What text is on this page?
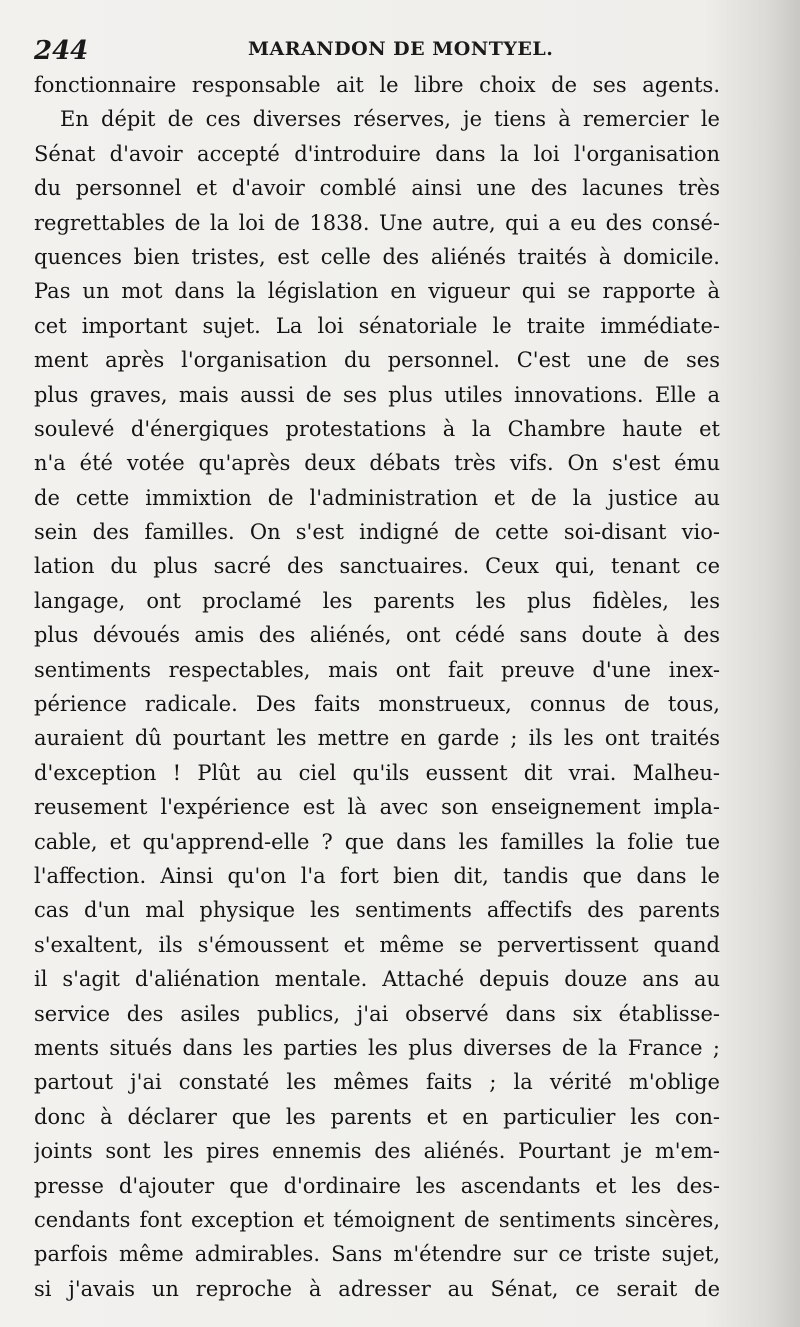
244	MARANDON DE MONTYEL.
fonctionnaire responsable ait le libre choix de ses agents.
En dépit de ces diverses réserves, je tiens à remercier le
Sénat d'avoir accepté d'introduire dans la loi l'organisation
du personnel et d'avoir comblé ainsi une des lacunes très
regrettables de la loi de 1838. Une autre, qui a eu des consé-
quences bien tristes, est celle des aliénés traités à domicile.
Pas un mot dans la législation en vigueur qui se rapporte à
cet important sujet. La loi sénatoriale le traite immédiate-
ment après l'organisation du personnel. C'est une de ses
plus graves, mais aussi de ses plus utiles innovations. Elle a
soulevé d'énergiques protestations à la Chambre haute et
n'a été votée qu'après deux débats très vifs. On s'est ému
de cette immixtion de l'administration et de la justice au
sein des familles. On s'est indigné de cette soi-disant vio-
lation du plus sacré des sanctuaires. Ceux qui, tenant ce
langage, ont proclamé les parents les plus fidèles, les
plus dévoués amis des aliénés, ont cédé sans doute à des
sentiments respectables, mais ont fait preuve d'une inex-
périence radicale. Des faits monstrueux, connus de tous,
auraient dû pourtant les mettre en garde ; ils les ont traités
d'exception ! Plût au ciel qu'ils eussent dit vrai. Malheu-
reusement l'expérience est là avec son enseignement impla-
cable, et qu'apprend-elle ? que dans les familles la folie tue
l'affection. Ainsi qu'on l'a fort bien dit, tandis que dans le
cas d'un mal physique les sentiments affectifs des parents
s'exaltent, ils s'émoussent et même se pervertissent quand
il s'agit d'aliénation mentale. Attaché depuis douze ans au
service des asiles publics, j'ai observé dans six établisse-
ments situés dans les parties les plus diverses de la France ;
partout j'ai constaté les mêmes faits ; la vérité m'oblige
donc à déclarer que les parents et en particulier les con-
joints sont les pires ennemis des aliénés. Pourtant je m'em-
presse d'ajouter que d'ordinaire les ascendants et les des-
cendants font exception et témoignent de sentiments sincères,
parfois même admirables. Sans m'étendre sur ce triste sujet,
si j'avais un reproche à adresser au Sénat, ce serait de
